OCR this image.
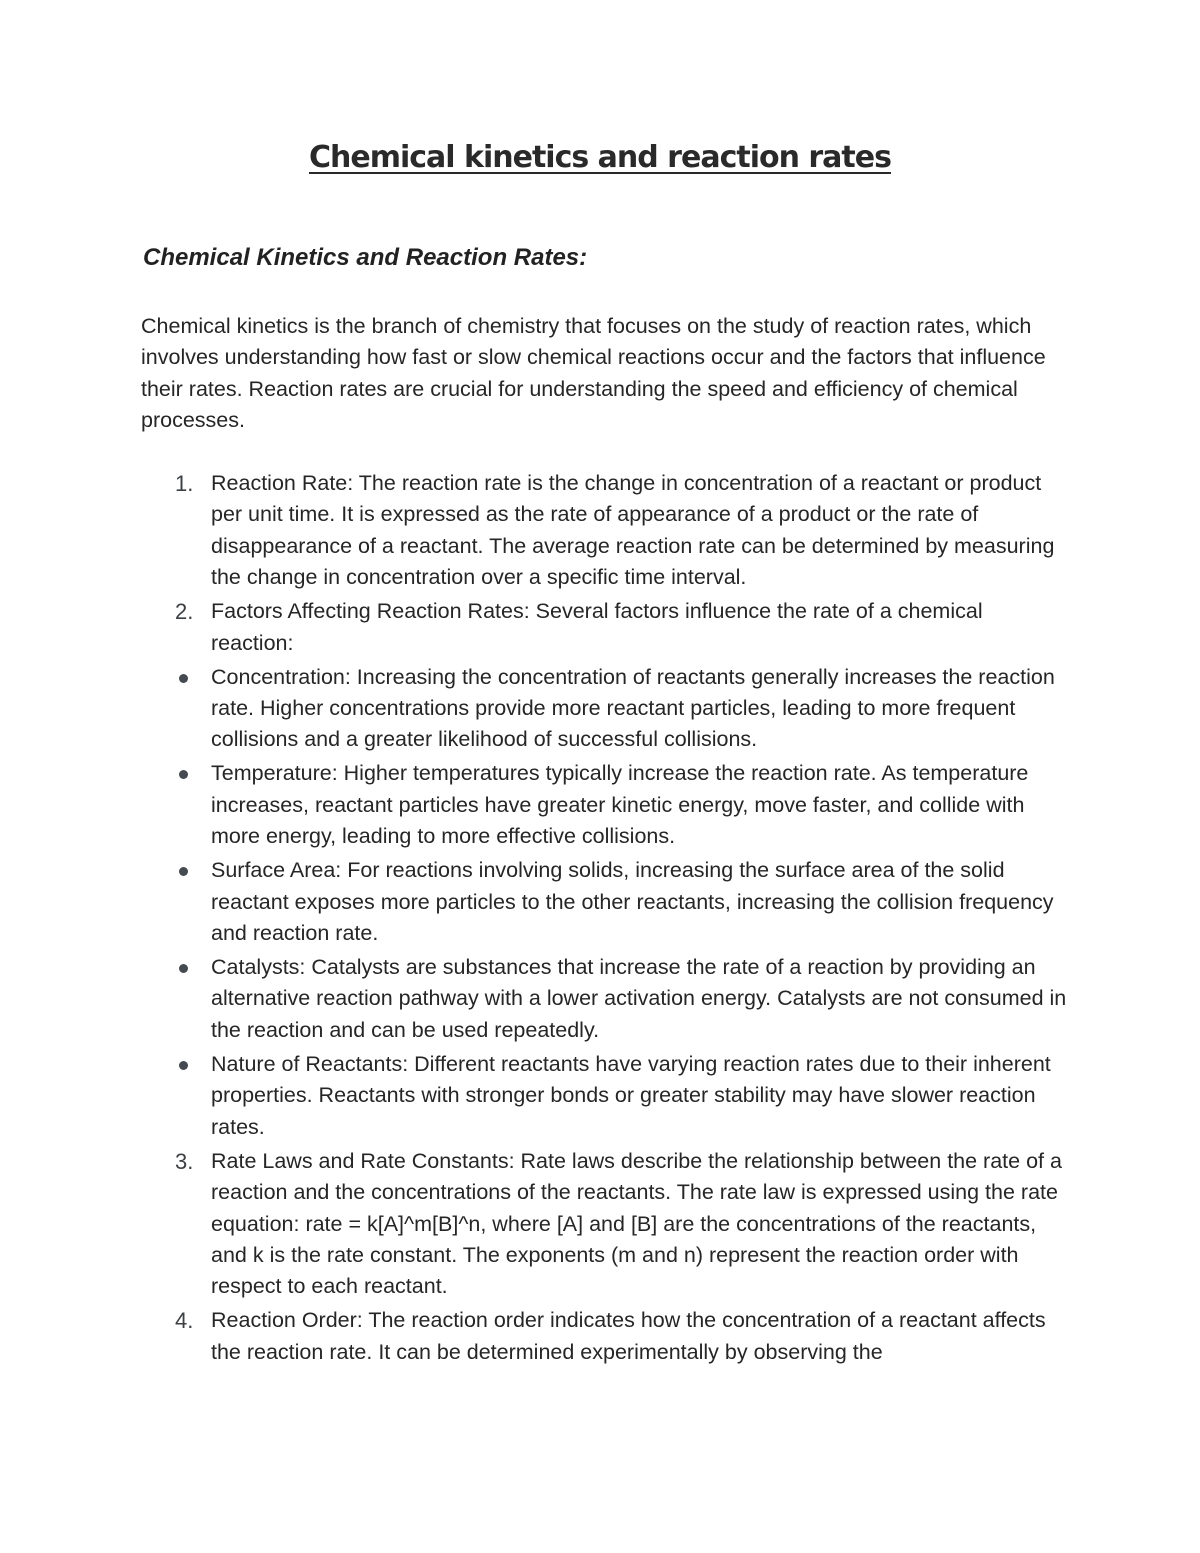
Chemical kinetics and reaction rates
Chemical Kinetics and Reaction Rates:

Chemical kinetics is the branch of chemistry that focuses on the study of reaction rates, which involves understanding how fast or slow chemical reactions occur and the factors that influence their rates. Reaction rates are crucial for understanding the speed and efficiency of chemical processes.

1. Reaction Rate: The reaction rate is the change in concentration of a reactant or product per unit time. It is expressed as the rate of appearance of a product or the rate of disappearance of a reactant. The average reaction rate can be determined by measuring the change in concentration over a specific time interval.
2. Factors Affecting Reaction Rates: Several factors influence the rate of a chemical reaction:
Concentration: Increasing the concentration of reactants generally increases the reaction rate. Higher concentrations provide more reactant particles, leading to more frequent collisions and a greater likelihood of successful collisions.
Temperature: Higher temperatures typically increase the reaction rate. As temperature increases, reactant particles have greater kinetic energy, move faster, and collide with more energy, leading to more effective collisions.
Surface Area: For reactions involving solids, increasing the surface area of the solid reactant exposes more particles to the other reactants, increasing the collision frequency and reaction rate.
Catalysts: Catalysts are substances that increase the rate of a reaction by providing an alternative reaction pathway with a lower activation energy. Catalysts are not consumed in the reaction and can be used repeatedly.
Nature of Reactants: Different reactants have varying reaction rates due to their inherent properties. Reactants with stronger bonds or greater stability may have slower reaction rates.
3. Rate Laws and Rate Constants: Rate laws describe the relationship between the rate of a reaction and the concentrations of the reactants. The rate law is expressed using the rate equation: rate = k[A]^m[B]^n, where [A] and [B] are the concentrations of the reactants, and k is the rate constant. The exponents (m and n) represent the reaction order with respect to each reactant.
4. Reaction Order: The reaction order indicates how the concentration of a reactant affects the reaction rate. It can be determined experimentally by observing the
